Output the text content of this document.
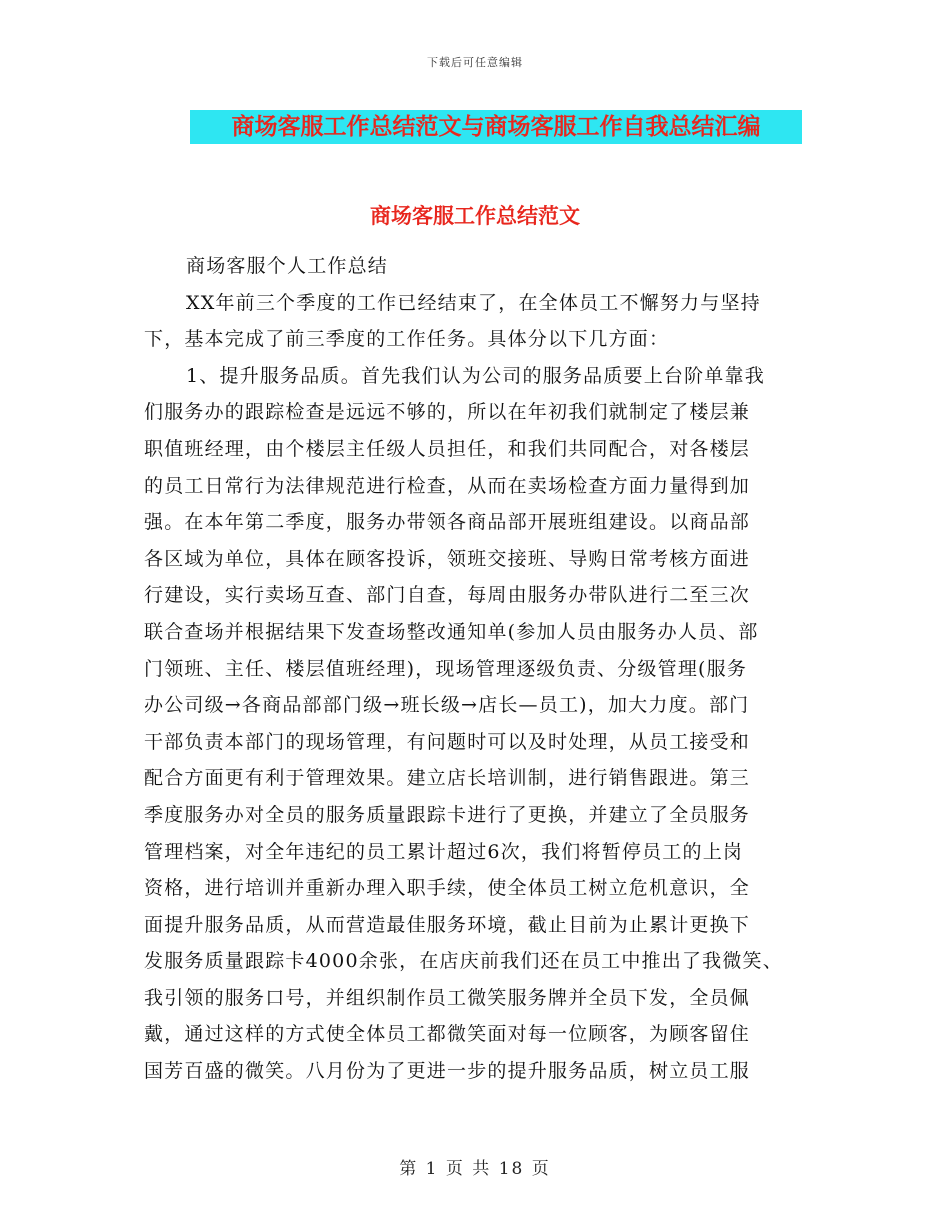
下载后可任意编辑
商场客服工作总结范文与商场客服工作自我总结汇编
商场客服工作总结范文
商场客服个人工作总结
XX年前三个季度的工作已经结束了，在全体员工不懈努力与坚持
下，基本完成了前三季度的工作任务。具体分以下几方面：
1、提升服务品质。首先我们认为公司的服务品质要上台阶单靠我
们服务办的跟踪检查是远远不够的，所以在年初我们就制定了楼层兼
职值班经理，由个楼层主任级人员担任，和我们共同配合，对各楼层
的员工日常行为法律规范进行检查，从而在卖场检查方面力量得到加
强。在本年第二季度，服务办带领各商品部开展班组建设。以商品部
各区域为单位，具体在顾客投诉，领班交接班、导购日常考核方面进
行建设，实行卖场互查、部门自查，每周由服务办带队进行二至三次
联合查场并根据结果下发查场整改通知单(参加人员由服务办人员、部
门领班、主任、楼层值班经理)，现场管理逐级负责、分级管理(服务
办公司级→各商品部部门级→班长级→店长—员工)，加大力度。部门
干部负责本部门的现场管理，有问题时可以及时处理，从员工接受和
配合方面更有利于管理效果。建立店长培训制，进行销售跟进。第三
季度服务办对全员的服务质量跟踪卡进行了更换，并建立了全员服务
管理档案，对全年违纪的员工累计超过6次，我们将暂停员工的上岗
资格，进行培训并重新办理入职手续，使全体员工树立危机意识，全
面提升服务品质，从而营造最佳服务环境，截止目前为止累计更换下
发服务质量跟踪卡4000余张，在店庆前我们还在员工中推出了我微笑、
我引领的服务口号，并组织制作员工微笑服务牌并全员下发，全员佩
戴，通过这样的方式使全体员工都微笑面对每一位顾客，为顾客留住
国芳百盛的微笑。八月份为了更进一步的提升服务品质，树立员工服
第 1 页 共 18 页
